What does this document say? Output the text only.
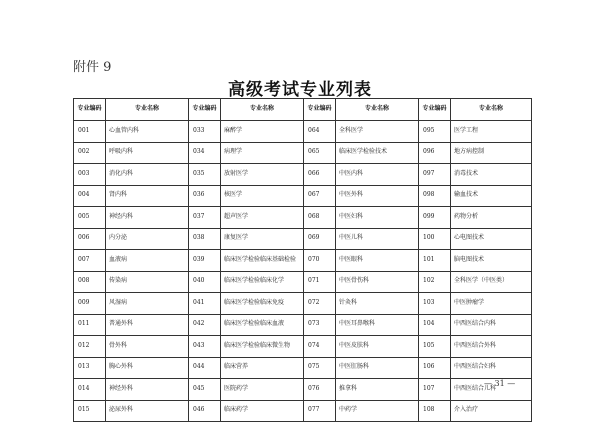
附件 9
高级考试专业列表
专业编码	专业名称	专业编码	专业名称	专业编码	专业名称	专业编码	专业名称
001	心血管内科	033	麻醉学	064	全科医学	095	医学工程
002	呼吸内科	034	病理学	065	临床医学检验技术	096	地方病控制
003	消化内科	035	放射医学	066	中医内科	097	消毒技术
004	肾内科	036	核医学	067	中医外科	098	输血技术
005	神经内科	037	超声医学	068	中医妇科	099	药物分析
006	内分泌	038	康复医学	069	中医儿科	100	心电图技术
007	血液病	039	临床医学检验临床基础检验	070	中医眼科	101	脑电图技术
008	传染病	040	临床医学检验临床化学	071	中医骨伤科	102	全科医学（中医类）
009	风湿病	041	临床医学检验临床免疫	072	针灸科	103	中医肿瘤学
011	普通外科	042	临床医学检验临床血液	073	中医耳鼻喉科	104	中西医结合内科
012	骨外科	043	临床医学检验临床微生物	074	中医皮肤科	105	中西医结合外科
013	胸心外科	044	临床营养	075	中医肛肠科	106	中西医结合妇科
014	神经外科	045	医院药学	076	推拿科	107	中西医结合儿科
015	泌尿外科	046	临床药学	077	中药学	108	介入治疗
— 31 —
